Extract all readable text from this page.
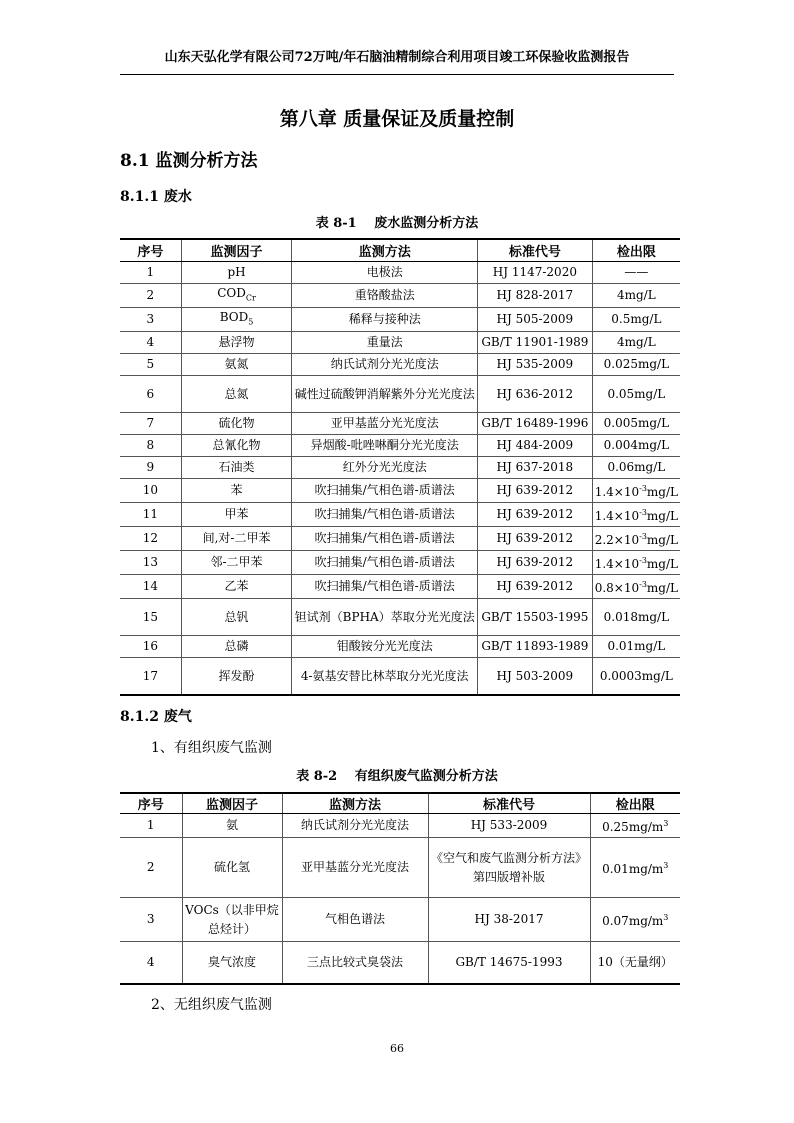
山东天弘化学有限公司72万吨/年石脑油精制综合利用项目竣工环保验收监测报告
第八章 质量保证及质量控制
8.1 监测分析方法
8.1.1 废水
表 8-1　 废水监测分析方法
序号	监测因子	监测方法	标准代号	检出限
1	pH	电极法	HJ 1147-2020	——
2	$COD_{Cr}$	重铬酸盐法	HJ 828-2017	4mg/L
3	$BOD_5$	稀释与接种法	HJ 505-2009	0.5mg/L
4	悬浮物	重量法	GB/T 11901-1989	4mg/L
5	氨氮	纳氏试剂分光光度法	HJ 535-2009	0.025mg/L
6	总氮	碱性过硫酸钾消解紫外分光光度法	HJ 636-2012	0.05mg/L
7	硫化物	亚甲基蓝分光光度法	GB/T 16489-1996	0.005mg/L
8	总氰化物	异烟酸-吡唑啉酮分光光度法	HJ 484-2009	0.004mg/L
9	石油类	红外分光光度法	HJ 637-2018	0.06mg/L
10	苯	吹扫捕集/气相色谱-质谱法	HJ 639-2012	$1.4\times 10^{-3}mg/L$
11	甲苯	吹扫捕集/气相色谱-质谱法	HJ 639-2012	$1.4\times 10^{-3}mg/L$
12	间,对-二甲苯	吹扫捕集/气相色谱-质谱法	HJ 639-2012	$2.2\times 10^{-3}mg/L$
13	邻-二甲苯	吹扫捕集/气相色谱-质谱法	HJ 639-2012	$1.4\times 10^{-3}mg/L$
14	乙苯	吹扫捕集/气相色谱-质谱法	HJ 639-2012	$0.8\times 10^{-3}mg/L$
15	总钒	钽试剂（BPHA）萃取分光光度法	GB/T 15503-1995	0.018mg/L
16	总磷	钼酸铵分光光度法	GB/T 11893-1989	0.01mg/L
17	挥发酚	4-氨基安替比林萃取分光光度法	HJ 503-2009	0.0003mg/L
8.1.2 废气
1、有组织废气监测
表 8-2　 有组织废气监测分析方法
序号	监测因子	监测方法	标准代号	检出限
1	氨	纳氏试剂分光光度法	HJ 533-2009	$0.25mg/m^3$
2	硫化氢	亚甲基蓝分光光度法	《空气和废气监测分析方法》第四版增补版	$0.01mg/m^3$
3	VOCs（以非甲烷总烃计）	气相色谱法	HJ 38-2017	$0.07mg/m^3$
4	臭气浓度	三点比较式臭袋法	GB/T 14675-1993	10（无量纲）
2、无组织废气监测
66
